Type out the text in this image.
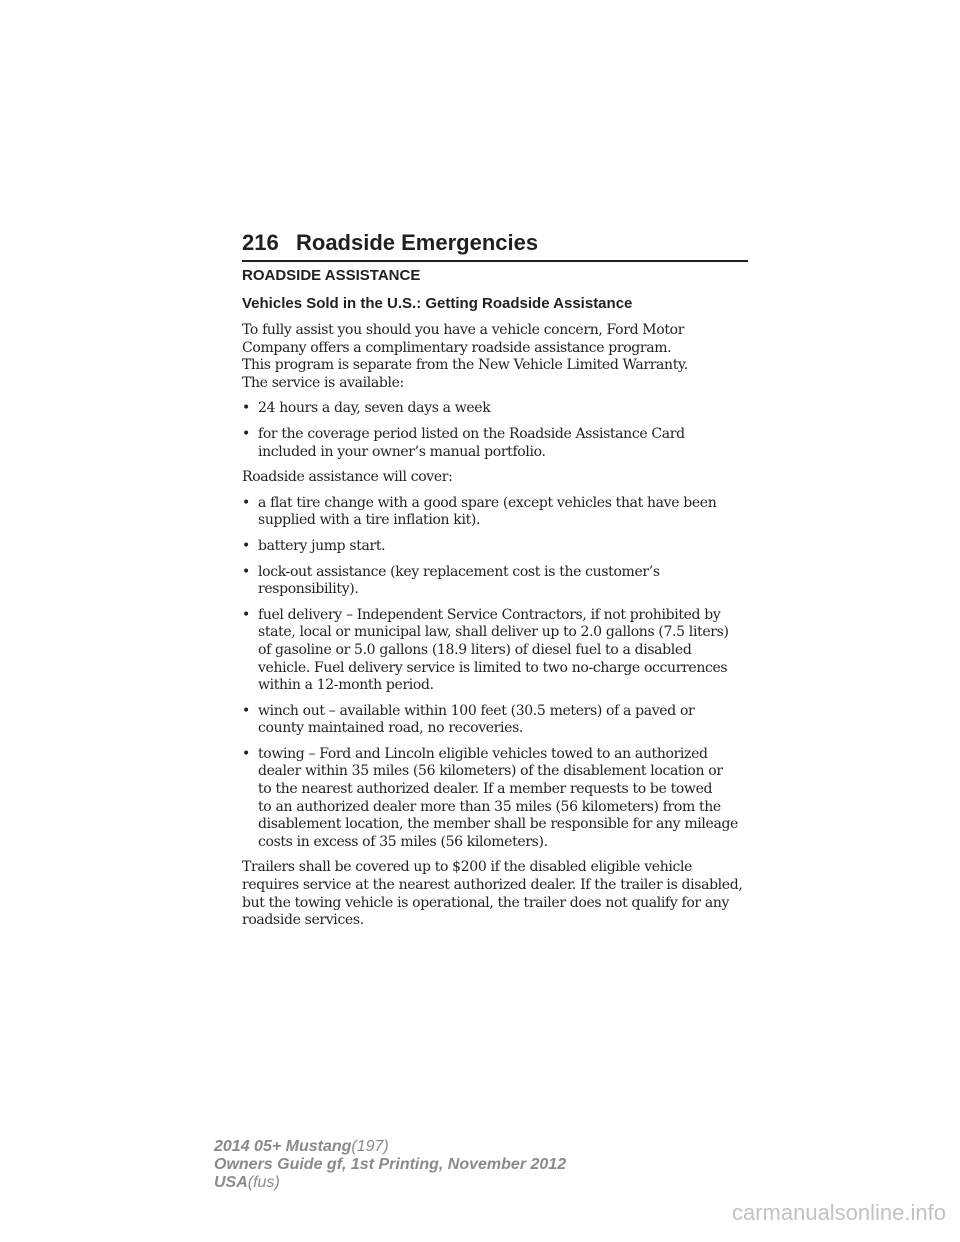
216 Roadside Emergencies
ROADSIDE ASSISTANCE
Vehicles Sold in the U.S.: Getting Roadside Assistance

To fully assist you should you have a vehicle concern, Ford Motor
Company offers a complimentary roadside assistance program.
This program is separate from the New Vehicle Limited Warranty.
The service is available:

• 24 hours a day, seven days a week
• for the coverage period listed on the Roadside Assistance Card
included in your owner’s manual portfolio.

Roadside assistance will cover:

• a flat tire change with a good spare (except vehicles that have been
supplied with a tire inflation kit).
• battery jump start.
• lock-out assistance (key replacement cost is the customer’s
responsibility).
• fuel delivery – Independent Service Contractors, if not prohibited by
state, local or municipal law, shall deliver up to 2.0 gallons (7.5 liters)
of gasoline or 5.0 gallons (18.9 liters) of diesel fuel to a disabled
vehicle. Fuel delivery service is limited to two no-charge occurrences
within a 12-month period.
• winch out – available within 100 feet (30.5 meters) of a paved or
county maintained road, no recoveries.
• towing – Ford and Lincoln eligible vehicles towed to an authorized
dealer within 35 miles (56 kilometers) of the disablement location or
to the nearest authorized dealer. If a member requests to be towed
to an authorized dealer more than 35 miles (56 kilometers) from the
disablement location, the member shall be responsible for any mileage
costs in excess of 35 miles (56 kilometers).

Trailers shall be covered up to $200 if the disabled eligible vehicle
requires service at the nearest authorized dealer. If the trailer is disabled,
but the towing vehicle is operational, the trailer does not qualify for any
roadside services.

2014 05+ Mustang(197)
Owners Guide gf, 1st Printing, November 2012
USA(fus)
carmanualsonline.info
